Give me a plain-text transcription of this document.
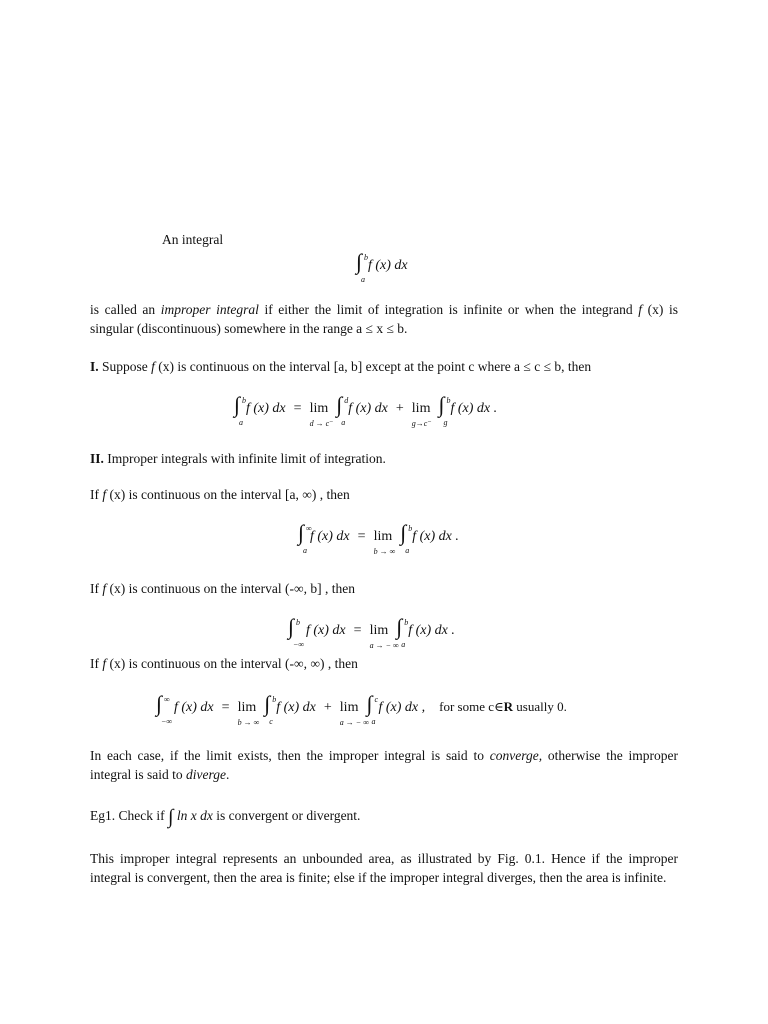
An integral
∫ b
a
f (x) dx
is called an improper integral if either the limit of integration is infinite or when the integrand f (x) is singular (discontinuous) somewhere in the range a ≤ x ≤ b.
I. Suppose f (x) is continuous on the interval [a, b] except at the point c where a ≤ c ≤ b, then
∫ b
a
f (x) dx = lim
d → c⁻
∫ d
a
f (x) dx + lim
g→c⁻
∫ b
g
f (x) dx .
II. Improper integrals with infinite limit of integration.
If f (x) is continuous on the interval [a, ∞) , then
∫ ∞
a
f (x) dx = lim
b → ∞
∫ b
a
f (x) dx .
If f (x) is continuous on the interval (-∞, b] , then
∫ b
−∞
f (x) dx = lim
a → − ∞
∫ b
a
f (x) dx .
If f (x) is continuous on the interval (-∞, ∞) , then
∫ ∞
−∞
f (x) dx = lim
b → ∞
∫ b
c
f (x) dx + lim
a → − ∞
∫ c
a
f (x) dx , for some c∈R usually 0.
In each case, if the limit exists, then the improper integral is said to converge, otherwise the improper integral is said to diverge.
Eg1. Check if ∫ ln x dx is convergent or divergent.
This improper integral represents an unbounded area, as illustrated by Fig. 0.1. Hence if the improper integral is convergent, then the area is finite; else if the improper integral diverges, then the area is infinite.
